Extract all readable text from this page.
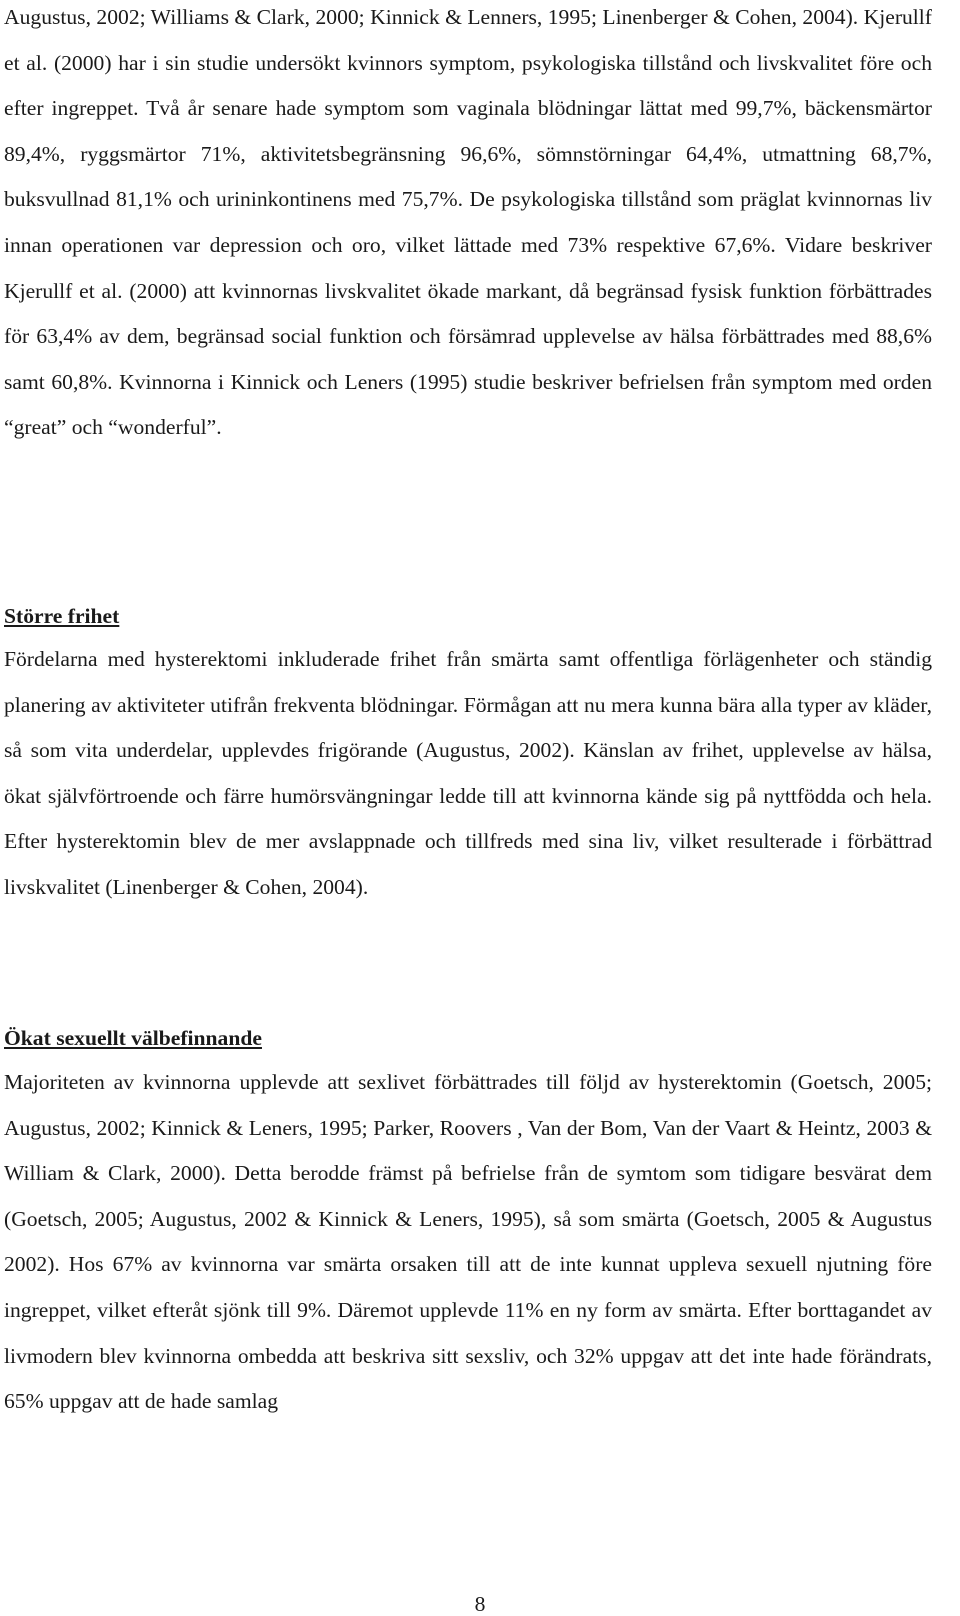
Augustus, 2002; Williams & Clark, 2000; Kinnick & Lenners, 1995; Linenberger & Cohen, 2004). Kjerullf et al. (2000) har i sin studie undersökt kvinnors symptom, psykologiska tillstånd och livskvalitet före och efter ingreppet. Två år senare hade symptom som vaginala blödningar lättat med 99,7%, bäckensmärtor 89,4%, ryggsmärtor 71%, aktivitetsbegränsning 96,6%, sömnstörningar 64,4%, utmattning 68,7%, buksvullnad 81,1% och urininkontinens med 75,7%. De psykologiska tillstånd som präglat kvinnornas liv innan operationen var depression och oro, vilket lättade med 73% respektive 67,6%. Vidare beskriver Kjerullf et al. (2000) att kvinnornas livskvalitet ökade markant, då begränsad fysisk funktion förbättrades för 63,4% av dem, begränsad social funktion och försämrad upplevelse av hälsa förbättrades med 88,6% samt 60,8%. Kvinnorna i Kinnick och Leners (1995) studie beskriver befrielsen från symptom med orden “great” och “wonderful”.

Större frihet

Fördelarna med hysterektomi inkluderade frihet från smärta samt offentliga förlägenheter och ständig planering av aktiviteter utifrån frekventa blödningar. Förmågan att nu mera kunna bära alla typer av kläder, så som vita underdelar, upplevdes frigörande (Augustus, 2002). Känslan av frihet, upplevelse av hälsa, ökat självförtroende och färre humörsvängningar ledde till att kvinnorna kände sig på nyttfödda och hela. Efter hysterektomin blev de mer avslappnade och tillfreds med sina liv, vilket resulterade i förbättrad livskvalitet (Linenberger & Cohen, 2004).

Ökat sexuellt välbefinnande

Majoriteten av kvinnorna upplevde att sexlivet förbättrades till följd av hysterektomin (Goetsch, 2005; Augustus, 2002; Kinnick & Leners, 1995; Parker, Roovers , Van der Bom, Van der Vaart & Heintz, 2003 & William & Clark, 2000). Detta berodde främst på befrielse från de symtom som tidigare besvärat dem (Goetsch, 2005; Augustus, 2002 & Kinnick & Leners, 1995), så som smärta (Goetsch, 2005 & Augustus 2002). Hos 67% av kvinnorna var smärta orsaken till att de inte kunnat uppleva sexuell njutning före ingreppet, vilket efteråt sjönk till 9%. Däremot upplevde 11% en ny form av smärta. Efter borttagandet av livmodern blev kvinnorna ombedda att beskriva sitt sexsliv, och 32% uppgav att det inte hade förändrats, 65% uppgav att de hade samlag

8
